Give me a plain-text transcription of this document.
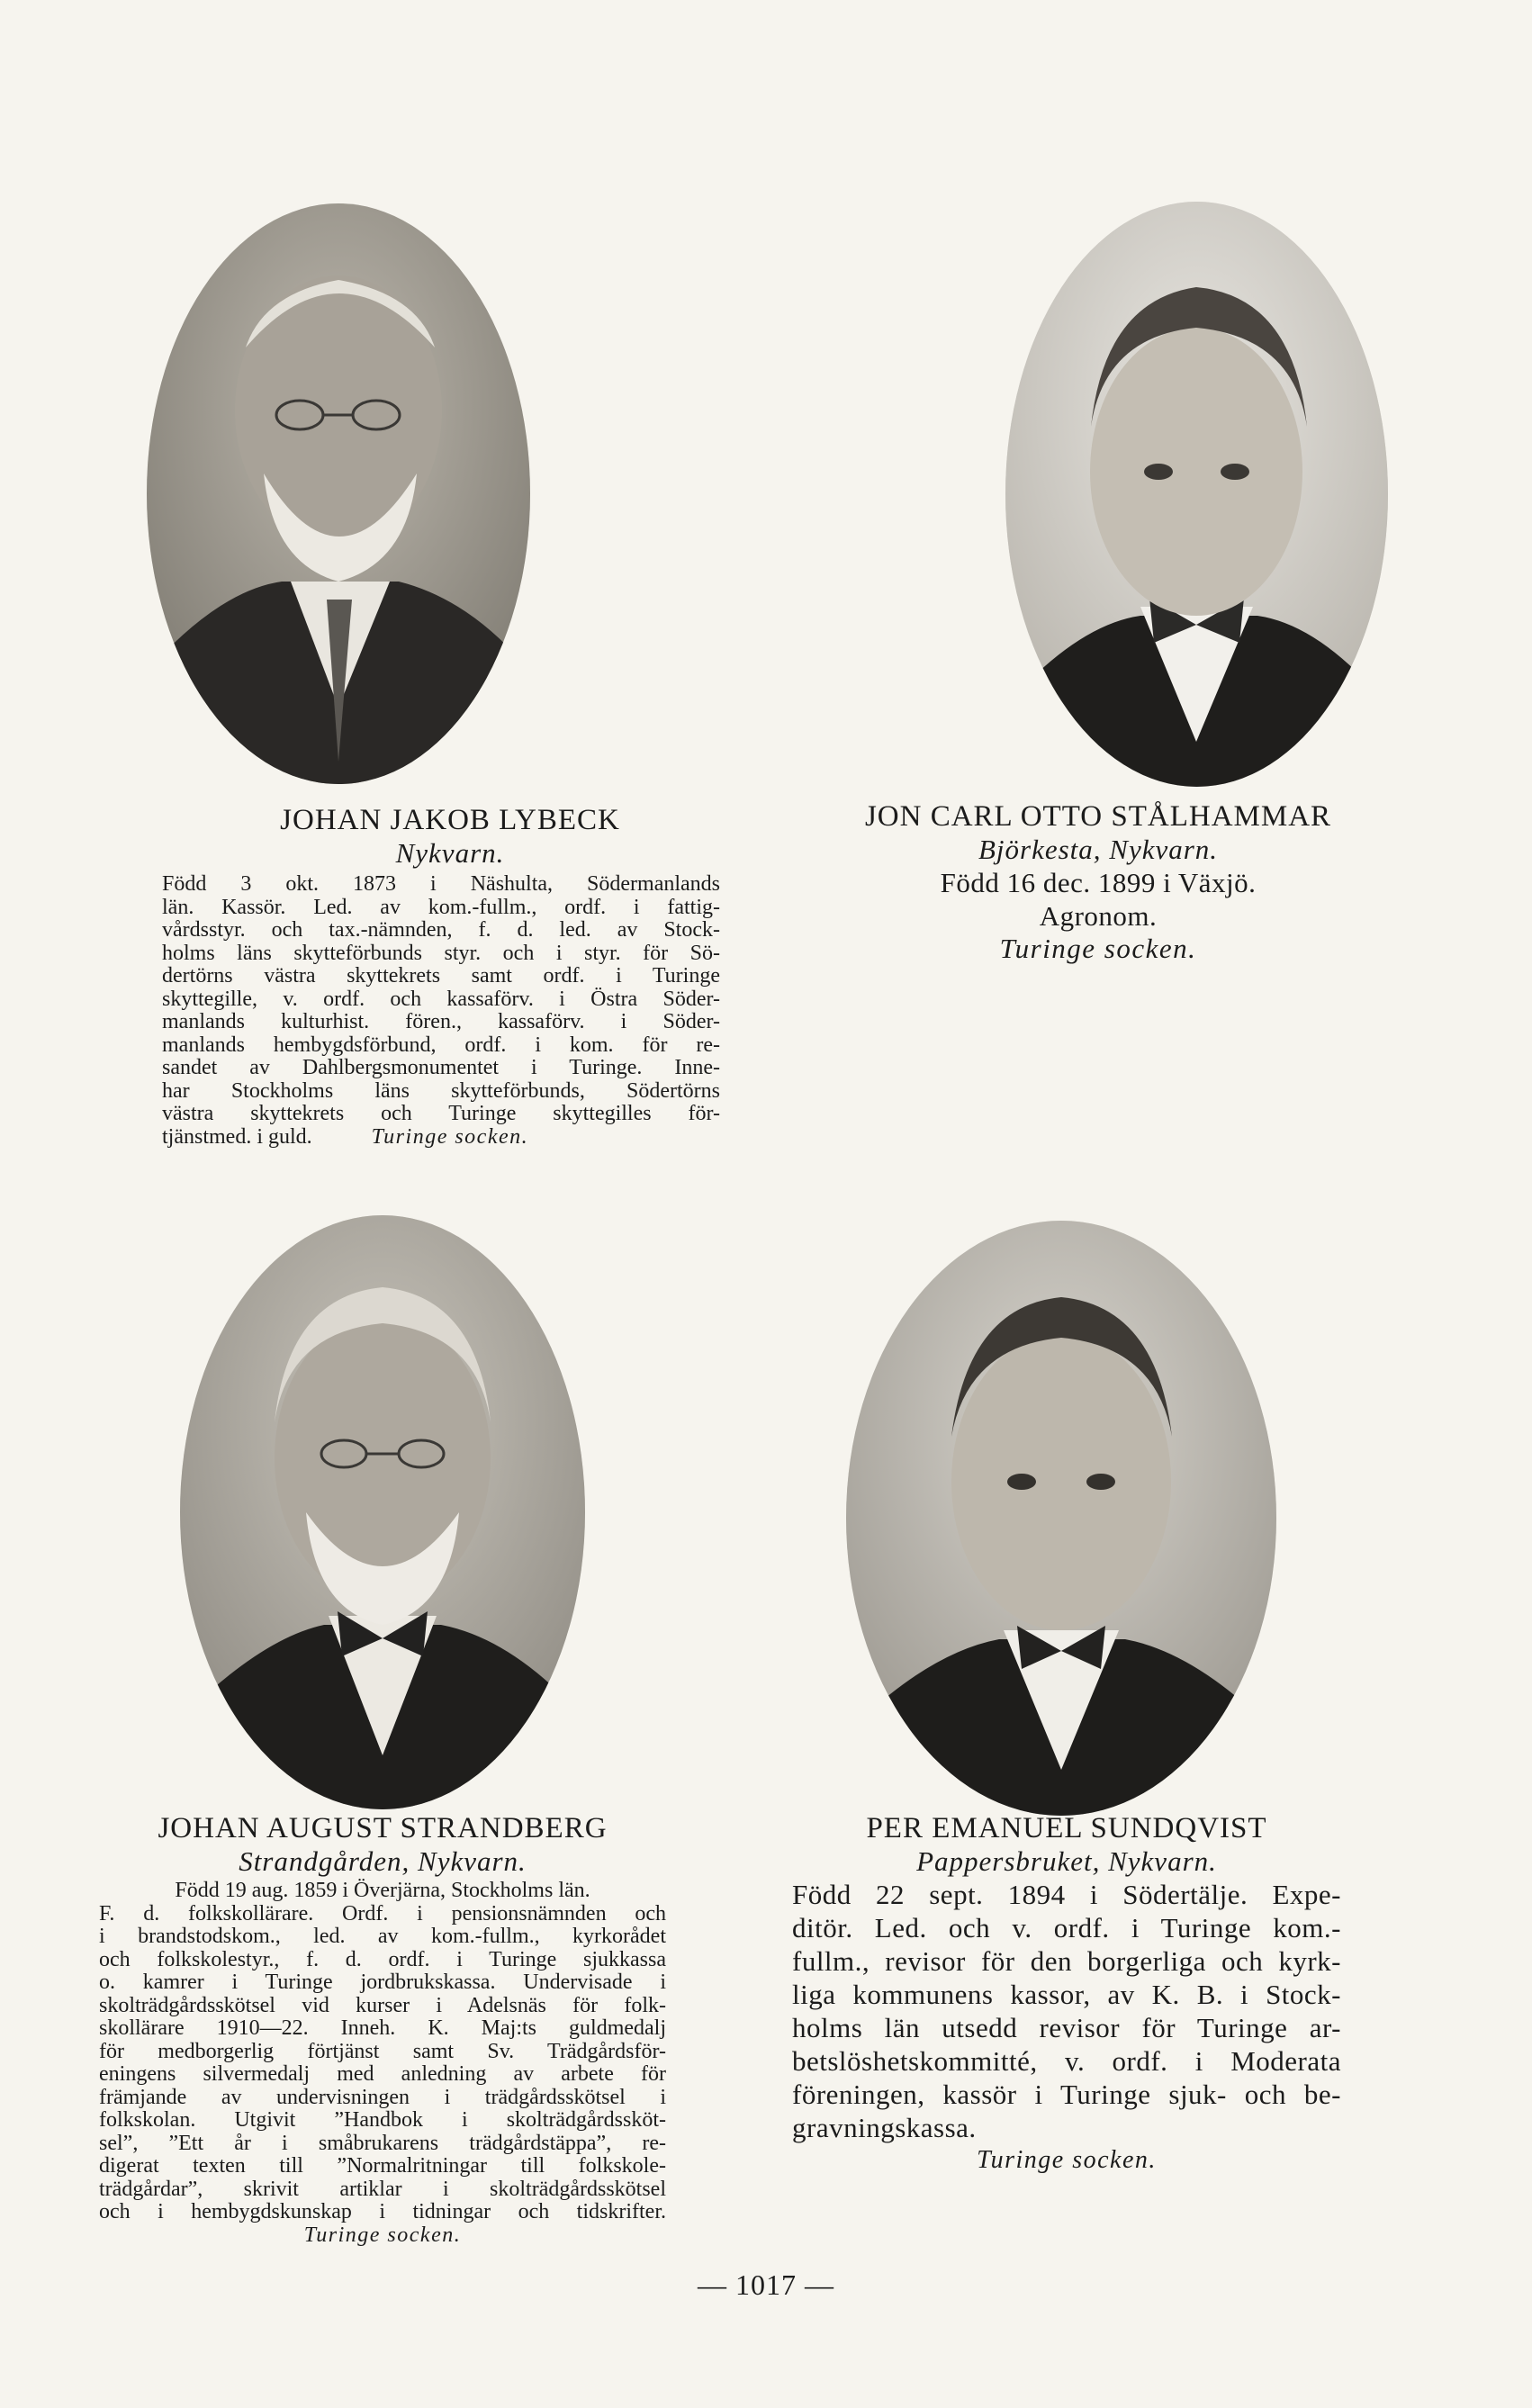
JOHAN JAKOB LYBECK
Nykvarn.
Född 3 okt. 1873 i Näshulta, Södermanlands
län. Kassör. Led. av kom.-fullm., ordf. i fattig-
vårdsstyr. och tax.-nämnden, f. d. led. av Stock-
holms läns skytteförbunds styr. och i styr. för Sö-
dertörns västra skyttekrets samt ordf. i Turinge
skyttegille, v. ordf. och kassaförv. i Östra Söder-
manlands kulturhist. fören., kassaförv. i Söder-
manlands hembygdsförbund, ordf. i kom. för re-
sandet av Dahlbergsmonumentet i Turinge. Inne-
har Stockholms läns skytteförbunds, Södertörns
västra skyttekrets och Turinge skyttegilles för-
tjänstmed. i guld.	Turinge socken.
JON CARL OTTO STÅLHAMMAR
Björkesta, Nykvarn.
Född 16 dec. 1899 i Växjö.
Agronom.
Turinge socken.
JOHAN AUGUST STRANDBERG
Strandgården, Nykvarn.
Född 19 aug. 1859 i Överjärna, Stockholms län.
F. d. folkskollärare. Ordf. i pensionsnämnden och
i brandstodskom., led. av kom.-fullm., kyrkorådet
och folkskolestyr., f. d. ordf. i Turinge sjukkassa
o. kamrer i Turinge jordbrukskassa. Undervisade i
skolträdgårdsskötsel vid kurser i Adelsnäs för folk-
skollärare 1910—22. Inneh. K. Maj:ts guldmedalj
för medborgerlig förtjänst samt Sv. Trädgårdsför-
eningens silvermedalj med anledning av arbete för
främjande av undervisningen i trädgårdsskötsel i
folkskolan. Utgivit ”Handbok i skolträdgårdssköt-
sel”, ”Ett år i småbrukarens trädgårdstäppa”, re-
digerat texten till ”Normalritningar till folkskole-
trädgårdar”, skrivit artiklar i skolträdgårdsskötsel
och i hembygdskunskap i tidningar och tidskrifter.
Turinge socken.
PER EMANUEL SUNDQVIST
Pappersbruket, Nykvarn.
Född 22 sept. 1894 i Södertälje. Expe-
ditör. Led. och v. ordf. i Turinge kom.-
fullm., revisor för den borgerliga och kyrk-
liga kommunens kassor, av K. B. i Stock-
holms län utsedd revisor för Turinge ar-
betslöshetskommitté, v. ordf. i Moderata
föreningen, kassör i Turinge sjuk- och be-
gravningskassa.
Turinge socken.
— 1017 —
